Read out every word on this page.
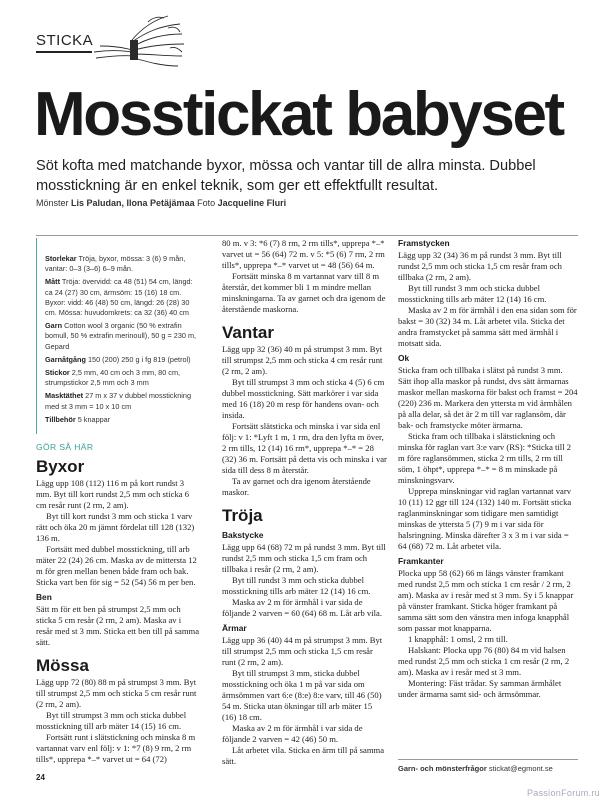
STICKA
Mosstickat babyset

Söt kofta med matchande byxor, mössa och vantar till de allra minsta. Dubbel mosstickning är en enkel teknik, som ger ett effektfullt resultat.

Mönster Lis Paludan, Ilona Petäjämaa Foto Jacqueline Fluri

Storlekar Tröja, byxor, mössa: 3 (6) 9 mån, vantar: 0–3 (3–6) 6–9 mån.

Mått Tröja: övervidd: ca 48 (51) 54 cm, längd: ca 24 (27) 30 cm, ärmsöm: 15 (16) 18 cm. Byxor: vidd: 46 (48) 50 cm, längd: 26 (28) 30 cm. Mössa: huvudomkrets: ca 32 (36) 40 cm

Garn Cotton wool 3 organic (50 % extrafin bomull, 50 % extrafin merinoull), 50 g = 230 m, Gepard

Garnåtgång 150 (200) 250 g i fg 819 (petrol)

Stickor 2,5 mm, 40 cm och 3 mm, 80 cm, strumpstickor 2,5 mm och 3 mm

Masktäthet 27 m x 37 v dubbel mosstickning med st 3 mm = 10 x 10 cm

Tillbehör 5 knappar

GÖR SÅ HÄR
Byxor

Lägg upp 108 (112) 116 m på kort rundst 3 mm. Byt till kort rundst 2,5 mm och sticka 6 cm resår runt (2 rm, 2 am).

Byt till kort rundst 3 mm och sticka 1 varv rätt och öka 20 m jämnt fördelat till 128 (132) 136 m.

Fortsätt med dubbel mosstickning, till arb mäter 22 (24) 26 cm. Maska av de mittersta 12 m för gren mellan benen både fram och bak. Sticka vart ben för sig = 52 (54) 56 m per ben.

Ben

Sätt m för ett ben på strumpst 2,5 mm och sticka 5 cm resår (2 rm, 2 am). Maska av i resår med st 3 mm. Sticka ett ben till på samma sätt.

Mössa

Lägg upp 72 (80) 88 m på strumpst 3 mm. Byt till strumpst 2,5 mm och sticka 5 cm resår runt (2 rm, 2 am).

Byt till strumpst 3 mm och sticka dubbel mosstickning till arb mäter 14 (15) 16 cm.

Fortsätt runt i slätstickning och minska 8 m vartannat varv enl följ: v 1: *7 (8) 9 rm, 2 rm tills*, upprepa *–* varvet ut = 64 (72)

80 m. v 3: *6 (7) 8 rm, 2 rm tills*, upprepa *–* varvet ut = 56 (64) 72 m. v 5: *5 (6) 7 rm, 2 rm tills*, upprepa *–* varvet ut = 48 (56) 64 m.

Fortsätt minska 8 m vartannat varv till 8 m återstår, det kommer bli 1 m mindre mellan minskningarna. Ta av garnet och dra igenom de återstående maskorna.

Vantar

Lägg upp 32 (36) 40 m på strumpst 3 mm. Byt till strumpst 2,5 mm och sticka 4 cm resår runt (2 rm, 2 am).

Byt till strumpst 3 mm och sticka 4 (5) 6 cm dubbel mosstickning. Sätt markörer i var sida med 16 (18) 20 m resp för handens ovan- och insida.

Fortsätt slätsticka och minska i var sida enl följ: v 1: *Lyft 1 m, 1 rm, dra den lyfta m över, 2 rm tills, 12 (14) 16 rm*, upprepa *–* = 28 (32) 36 m. Fortsätt på detta vis och minska i var sida till dess 8 m återstår.

Ta av garnet och dra igenom återstående maskor.

Tröja
Bakstycke

Lägg upp 64 (68) 72 m på rundst 3 mm. Byt till rundst 2,5 mm och sticka 1,5 cm fram och tillbaka i resår (2 rm, 2 am).

Byt till rundst 3 mm och sticka dubbel mosstickning tills arb mäter 12 (14) 16 cm.

Maska av 2 m för ärmhål i var sida de följande 2 varven = 60 (64) 68 m. Låt arb vila.

Ärmar

Lägg upp 36 (40) 44 m på strumpst 3 mm. Byt till strumpst 2,5 mm och sticka 1,5 cm resår runt (2 rm, 2 am).

Byt till strumpst 3 mm, sticka dubbel mosstickning och öka 1 m på var sida om ärmsömmen vart 6:e (8:e) 8:e varv, till 46 (50) 54 m. Sticka utan ökningar till arb mäter 15 (16) 18 cm.

Maska av 2 m för ärmhål i var sida de följande 2 varven = 42 (46) 50 m.

Låt arbetet vila. Sticka en ärm till på samma sätt.

Framstycken

Lägg upp 32 (34) 36 m på rundst 3 mm. Byt till rundst 2,5 mm och sticka 1,5 cm resår fram och tillbaka (2 rm, 2 am).

Byt till rundst 3 mm och sticka dubbel mosstickning tills arb mäter 12 (14) 16 cm.

Maska av 2 m för ärmhål i den ena sidan som för bakst = 30 (32) 34 m. Låt arbetet vila. Sticka det andra framstycket på samma sätt med ärmhål i motsatt sida.

Ok

Sticka fram och tillbaka i slätst på rundst 3 mm. Sätt ihop alla maskor på rundst, dvs sätt ärmarnas maskor mellan maskorna för bakst och framst = 204 (220) 236 m. Markera den yttersta m vid ärmhålen på alla delar, så det är 2 m till var raglansöm, där bak- och framstycke möter ärmarna.

Sticka fram och tillbaka i slätstickning och minska för raglan vart 3:e varv (RS): *Sticka till 2 m före raglansömmen, sticka 2 rm tills, 2 rm till söm, 1 öhpt*, upprepa *–* = 8 m minskade på minskningsvarv.

Upprepa minskningar vid raglan vartannat varv 10 (11) 12 ggr till 124 (132) 140 m. Fortsätt sticka raglanminskningar som tidigare men samtidigt minskas de yttersta 5 (7) 9 m i var sida för halsringning. Minska därefter 3 x 3 m i var sida = 64 (68) 72 m. Låt arbetet vila.

Framkanter

Plocka upp 58 (62) 66 m längs vänster framkant med rundst 2,5 mm och sticka 1 cm resår / 2 rm, 2 am). Maska av i resår med st 3 mm. Sy i 5 knappar på vänster framkant. Sticka höger framkant på samma sätt som den vänstra men infoga knapphål som passar mot knapparna.

1 knapphål: 1 omsl, 2 rm till.

Halskant: Plocka upp 76 (80) 84 m vid halsen med rundst 2,5 mm och sticka 1 cm resår (2 rm, 2 am). Maska av i resår med st 3 mm.

Montering: Fäst trådar. Sy samman ärmhålet under ärmarna samt sid- och ärmsömmar.

Garn- och mönsterfrågor stickat@egmont.se
24
PassionForum.ru
